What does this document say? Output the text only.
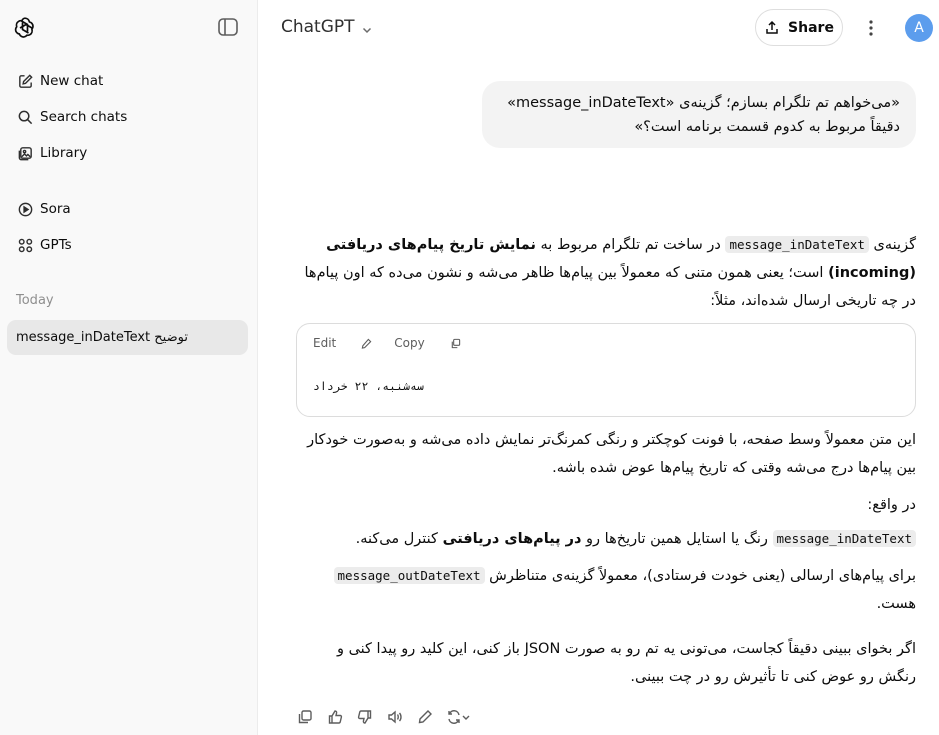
New chat
Search chats
Library
Sora
GPTs
Today
message_inDateText توضیح
ChatGPT	Share	A
«می‌خواهم تم تلگرام بسازم؛ گزینه‌ی «message_inDateText» دقیقاً مربوط به کدوم قسمت برنامه است؟»
گزینه‌ی message_inDateText در ساخت تم تلگرام مربوط به نمایش تاریخ پیام‌های دریافتی (incoming) است؛ یعنی همون متنی که معمولاً بین پیام‌ها ظاهر می‌شه و نشون می‌ده که اون پیام‌ها در چه تاریخی ارسال شده‌اند، مثلاً:
Edit	Copy
سه‌شنبه، ۲۲ خرداد
این متن معمولاً وسط صفحه، با فونت کوچکتر و رنگی کمرنگ‌تر نمایش داده می‌شه و به‌صورت خودکار بین پیام‌ها درج می‌شه وقتی که تاریخ پیام‌ها عوض شده باشه.
در واقع:
message_inDateText رنگ یا استایل همین تاریخ‌ها رو در پیام‌های دریافتی کنترل می‌کنه.
برای پیام‌های ارسالی (یعنی خودت فرستادی)، معمولاً گزینه‌ی متناظرش message_outDateText هست.
اگر بخوای ببینی دقیقاً کجاست، می‌تونی یه تم رو به صورت JSON باز کنی، این کلید رو پیدا کنی و رنگش رو عوض کنی تا تأثیرش رو در چت ببینی.
